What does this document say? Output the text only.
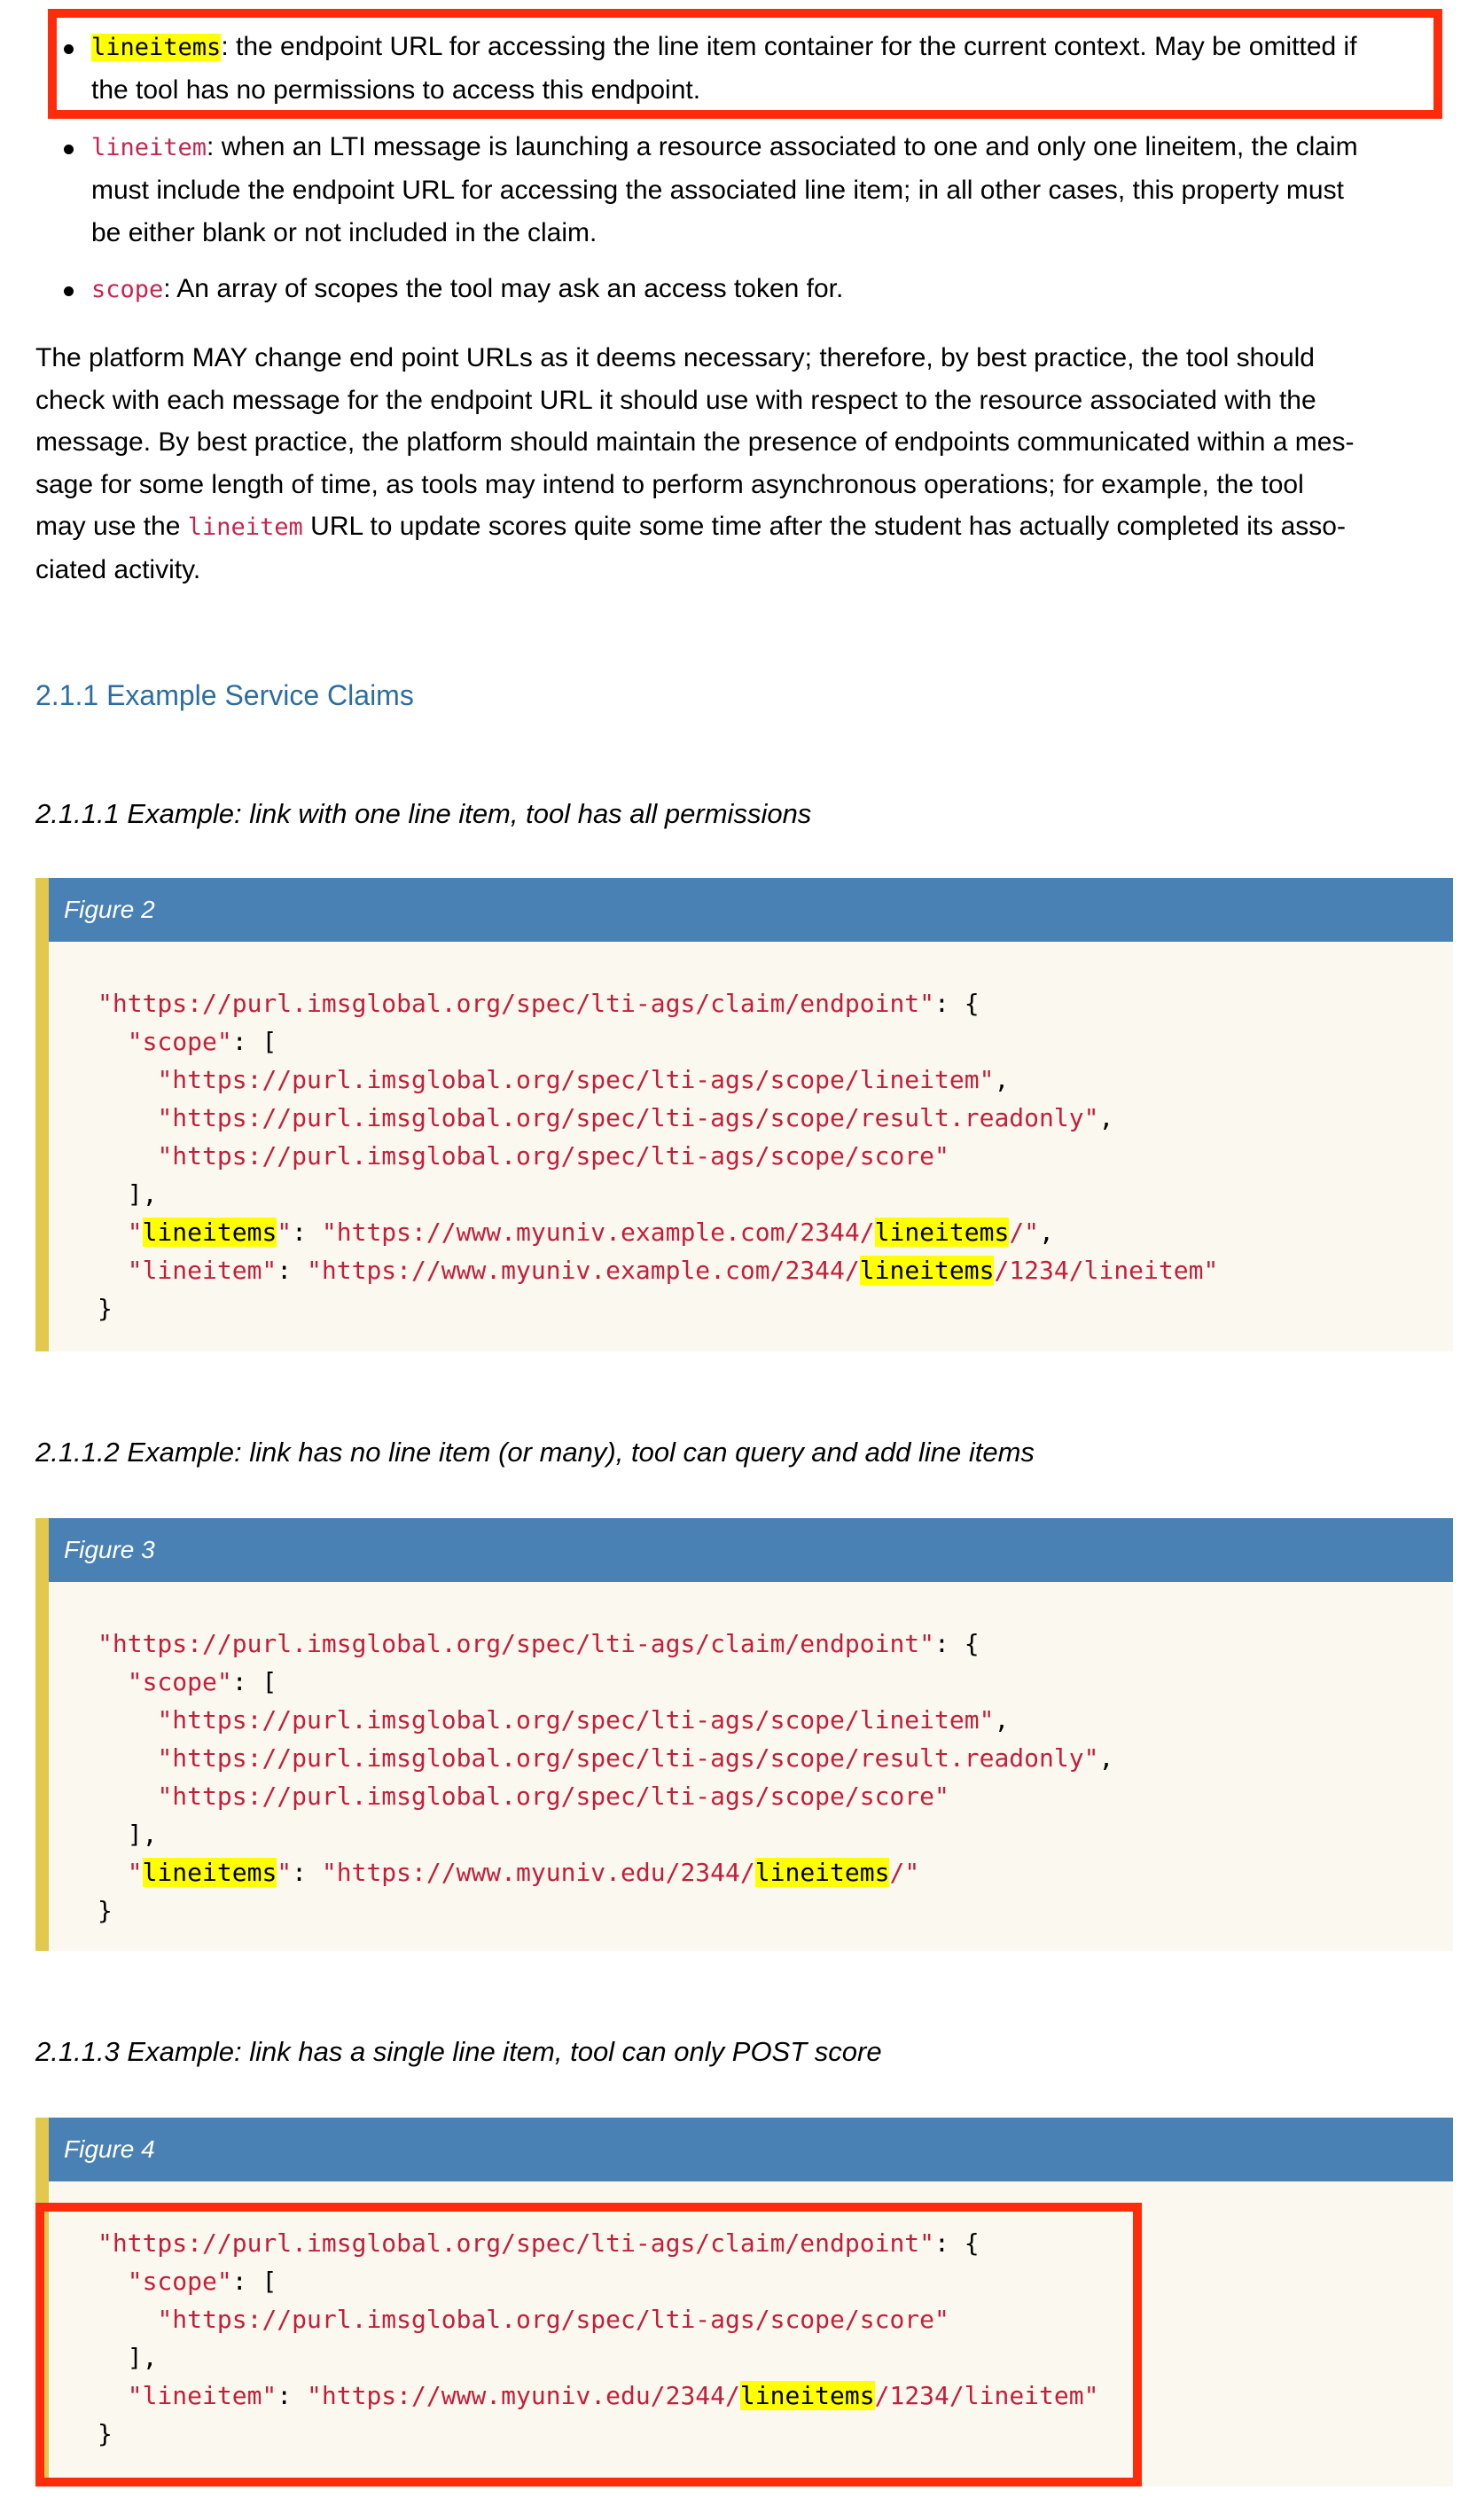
lineitems: the endpoint URL for accessing the line item container for the current context. May be omitted if
the tool has no permissions to access this endpoint.
lineitem: when an LTI message is launching a resource associated to one and only one lineitem, the claim
must include the endpoint URL for accessing the associated line item; in all other cases, this property must
be either blank or not included in the claim.
scope: An array of scopes the tool may ask an access token for.
The platform MAY change end point URLs as it deems necessary; therefore, by best practice, the tool should
check with each message for the endpoint URL it should use with respect to the resource associated with the
message. By best practice, the platform should maintain the presence of endpoints communicated within a mes-
sage for some length of time, as tools may intend to perform asynchronous operations; for example, the tool
may use the lineitem URL to update scores quite some time after the student has actually completed its asso-
ciated activity.
2.1.1 Example Service Claims
2.1.1.1 Example: link with one line item, tool has all permissions
Figure 2
"https://purl.imsglobal.org/spec/lti-ags/claim/endpoint": {
"scope": [
"https://purl.imsglobal.org/spec/lti-ags/scope/lineitem",
"https://purl.imsglobal.org/spec/lti-ags/scope/result.readonly",
"https://purl.imsglobal.org/spec/lti-ags/scope/score"
],
"lineitems": "https://www.myuniv.example.com/2344/lineitems/",
"lineitem": "https://www.myuniv.example.com/2344/lineitems/1234/lineitem"
}
2.1.1.2 Example: link has no line item (or many), tool can query and add line items
Figure 3
"https://purl.imsglobal.org/spec/lti-ags/claim/endpoint": {
"scope": [
"https://purl.imsglobal.org/spec/lti-ags/scope/lineitem",
"https://purl.imsglobal.org/spec/lti-ags/scope/result.readonly",
"https://purl.imsglobal.org/spec/lti-ags/scope/score"
],
"lineitems": "https://www.myuniv.edu/2344/lineitems/"
}
2.1.1.3 Example: link has a single line item, tool can only POST score
Figure 4
"https://purl.imsglobal.org/spec/lti-ags/claim/endpoint": {
"scope": [
"https://purl.imsglobal.org/spec/lti-ags/scope/score"
],
"lineitem": "https://www.myuniv.edu/2344/lineitems/1234/lineitem"
}
